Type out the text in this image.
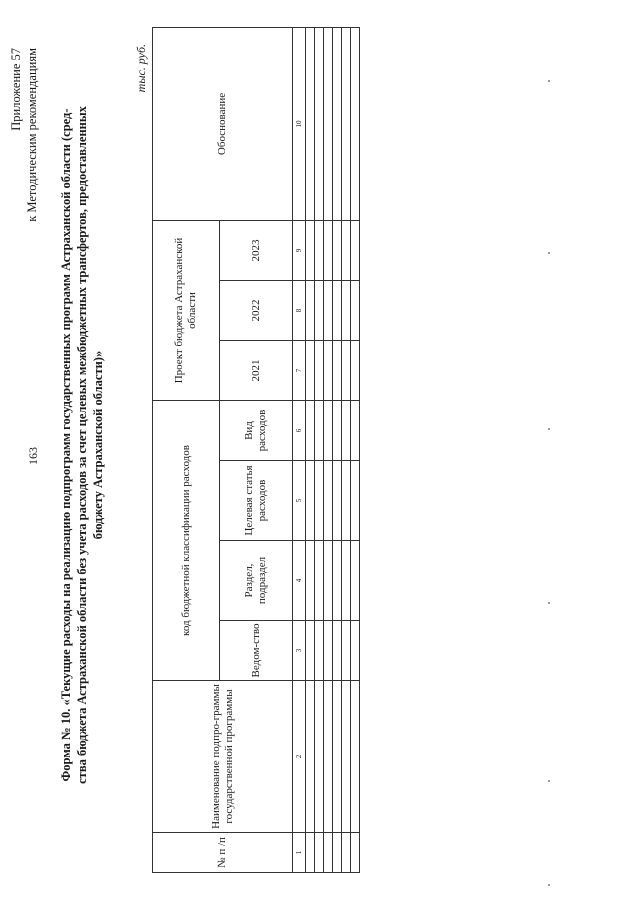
163
Приложение 57 к Методическим рекомендациям Форма № 10. «Текущие расходы на реализацию подпрограмм государственных программ Астраханской области (сред- ства бюджета Астраханской области без учета расходов за счет целевых межбюджетных трансфертов, предоставленных бюджету Астраханской области)»
тыс. руб.
№ п /п	Наименование подпро-граммы государственной программы	код бюджетной классификации расходов				Проект бюджета Астраханской области			Обоснование
		Ведом-ство	Раздел, подраздел	Целевая статья расходов	Вид расходов	2021	2022	2023	
1	2	3	4	5	6	7	8	9	10
